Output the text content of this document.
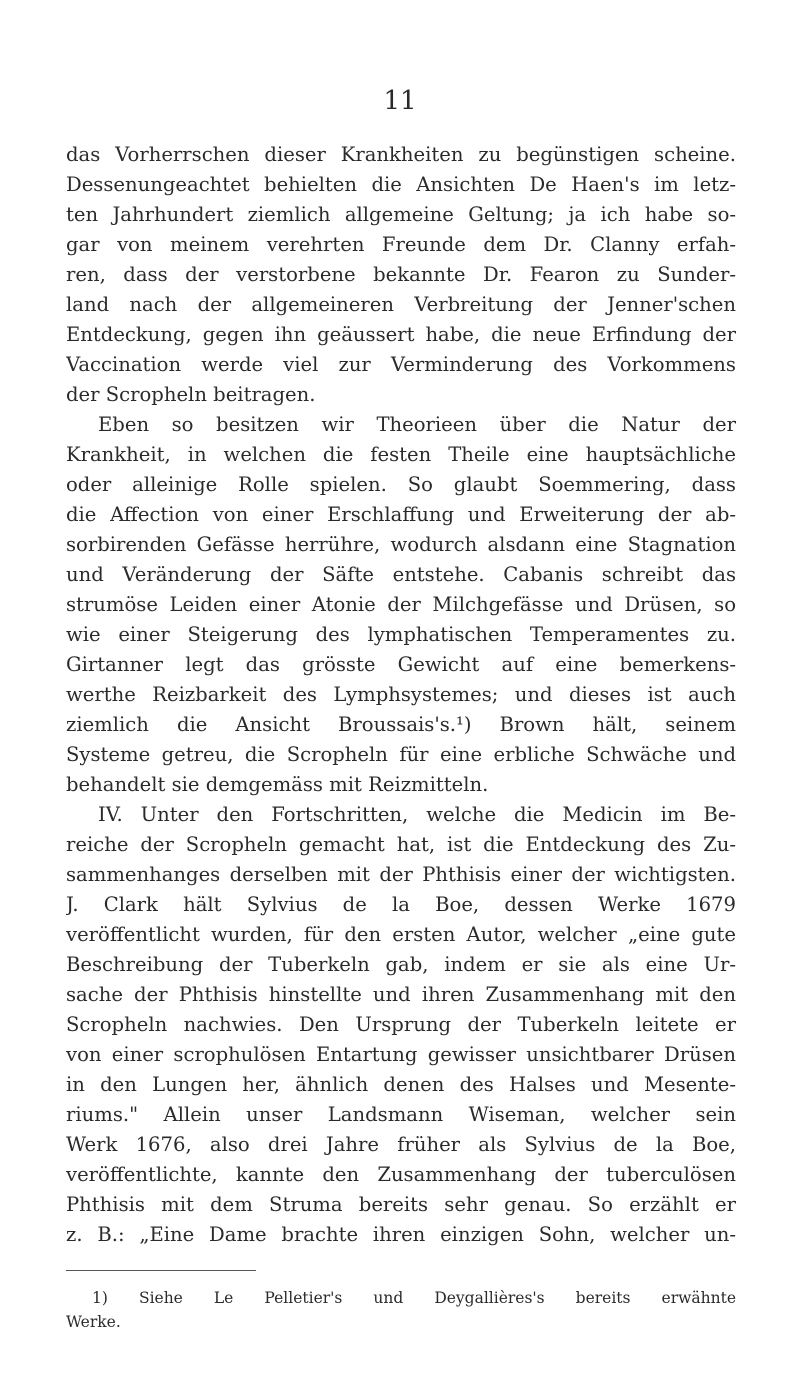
11
das Vorherrschen dieser Krankheiten zu begünstigen scheine.
Dessenungeachtet behielten die Ansichten De Haen's im letz-
ten Jahrhundert ziemlich allgemeine Geltung; ja ich habe so-
gar von meinem verehrten Freunde dem Dr. Clanny erfah-
ren, dass der verstorbene bekannte Dr. Fearon zu Sunder-
land nach der allgemeineren Verbreitung der Jenner'schen
Entdeckung, gegen ihn geäussert habe, die neue Erfindung der
Vaccination werde viel zur Verminderung des Vorkommens
der Scropheln beitragen.
Eben so besitzen wir Theorieen über die Natur der
Krankheit, in welchen die festen Theile eine hauptsächliche
oder alleinige Rolle spielen. So glaubt Soemmering, dass
die Affection von einer Erschlaffung und Erweiterung der ab-
sorbirenden Gefässe herrühre, wodurch alsdann eine Stagnation
und Veränderung der Säfte entstehe. Cabanis schreibt das
strumöse Leiden einer Atonie der Milchgefässe und Drüsen, so
wie einer Steigerung des lymphatischen Temperamentes zu.
Girtanner legt das grösste Gewicht auf eine bemerkens-
werthe Reizbarkeit des Lymphsystemes; und dieses ist auch
ziemlich die Ansicht Broussais's.¹) Brown hält, seinem
Systeme getreu, die Scropheln für eine erbliche Schwäche und
behandelt sie demgemäss mit Reizmitteln.
IV. Unter den Fortschritten, welche die Medicin im Be-
reiche der Scropheln gemacht hat, ist die Entdeckung des Zu-
sammenhanges derselben mit der Phthisis einer der wichtigsten.
J. Clark hält Sylvius de la Boe, dessen Werke 1679
veröffentlicht wurden, für den ersten Autor, welcher „eine gute
Beschreibung der Tuberkeln gab, indem er sie als eine Ur-
sache der Phthisis hinstellte und ihren Zusammenhang mit den
Scropheln nachwies. Den Ursprung der Tuberkeln leitete er
von einer scrophulösen Entartung gewisser unsichtbarer Drüsen
in den Lungen her, ähnlich denen des Halses und Mesente-
riums." Allein unser Landsmann Wiseman, welcher sein
Werk 1676, also drei Jahre früher als Sylvius de la Boe,
veröffentlichte, kannte den Zusammenhang der tuberculösen
Phthisis mit dem Struma bereits sehr genau. So erzählt er
z. B.: „Eine Dame brachte ihren einzigen Sohn, welcher un-
1) Siehe Le Pelletier's und Deygallières's bereits erwähnte
Werke.
